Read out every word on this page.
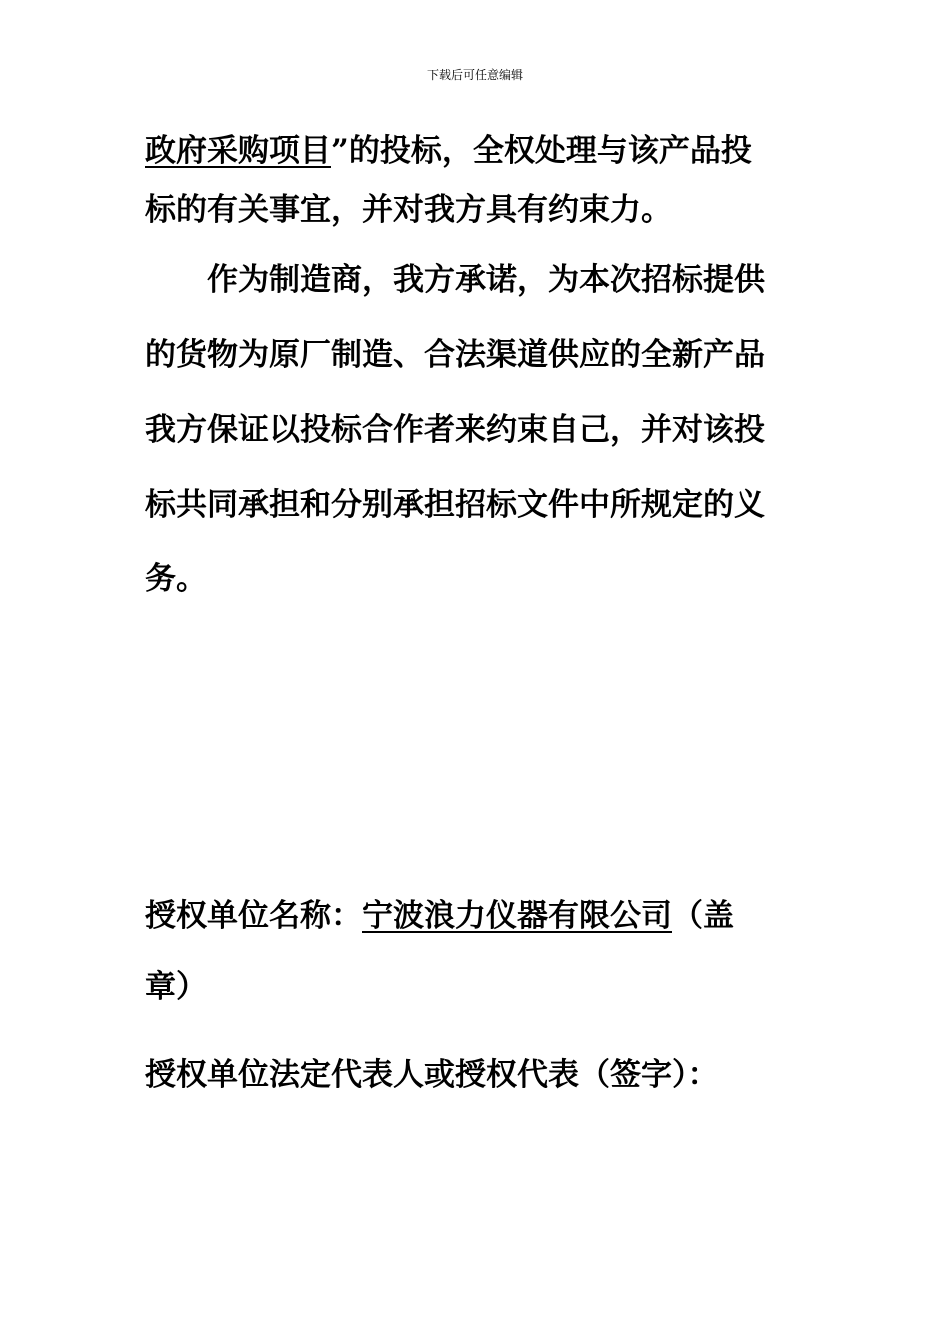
下载后可任意编辑
政府采购项目”的投标，全权处理与该产品投
标的有关事宜，并对我方具有约束力。
作为制造商，我方承诺，为本次招标提供
的货物为原厂制造、合法渠道供应的全新产品
我方保证以投标合作者来约束自己，并对该投
标共同承担和分别承担招标文件中所规定的义
务。
授权单位名称：宁波浪力仪器有限公司（盖
章）
授权单位法定代表人或授权代表（签字）：
